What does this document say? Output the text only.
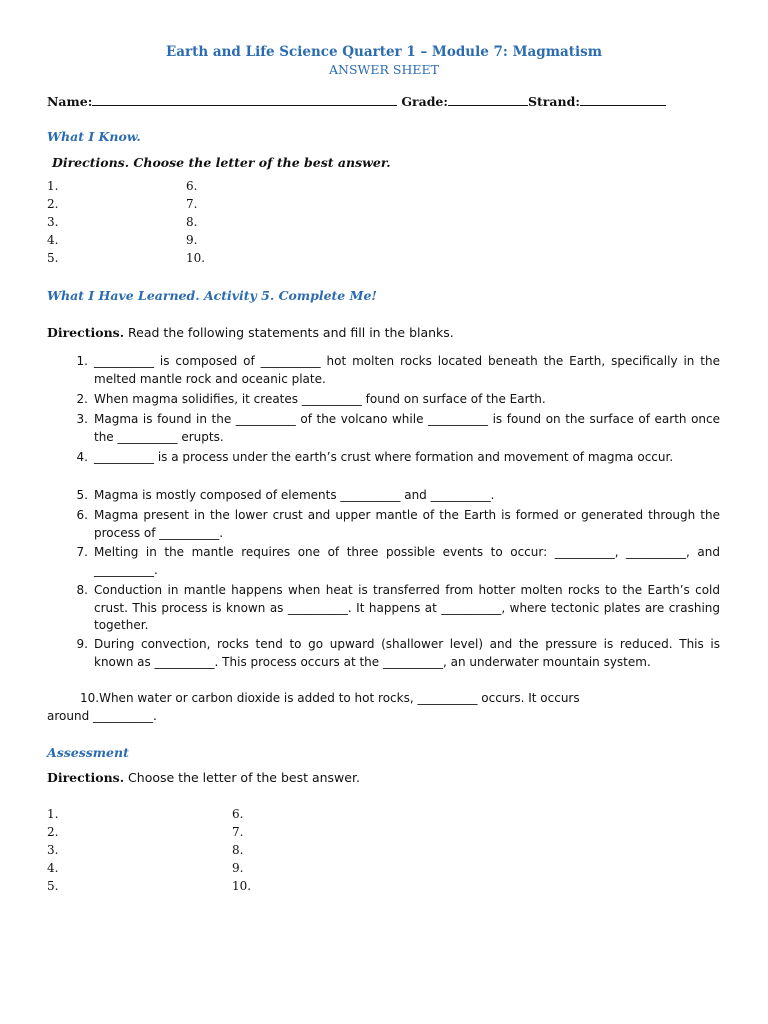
Earth and Life Science Quarter 1 – Module 7: Magmatism
ANSWER SHEET
Name:	Grade:	Strand:
What I Know.
Directions. Choose the letter of the best answer.
1.
2.
3.
4.
5.
6.
7.
8.
9.
10.
What I Have Learned. Activity 5. Complete Me!
Directions. Read the following statements and fill in the blanks.
1. __________ is composed of __________ hot molten rocks located beneath the Earth, specifically in the melted mantle rock and oceanic plate.
2. When magma solidifies, it creates __________ found on surface of the Earth.
3. Magma is found in the __________ of the volcano while __________ is found on the surface of earth once the __________ erupts.
4. __________ is a process under the earth’s crust where formation and movement of magma occur.
5. Magma is mostly composed of elements __________ and __________.
6. Magma present in the lower crust and upper mantle of the Earth is formed or generated through the process of __________.
7. Melting in the mantle requires one of three possible events to occur: __________, __________, and __________.
8. Conduction in mantle happens when heat is transferred from hotter molten rocks to the Earth’s cold crust. This process is known as __________. It happens at __________, where tectonic plates are crashing together.
9. During convection, rocks tend to go upward (shallower level) and the pressure is reduced. This is known as __________. This process occurs at the __________, an underwater mountain system.
10.When water or carbon dioxide is added to hot rocks, __________ occurs. It occurs
around __________.
Assessment
Directions. Choose the letter of the best answer.
1.
2.
3.
4.
5.
6.
7.
8.
9.
10.
